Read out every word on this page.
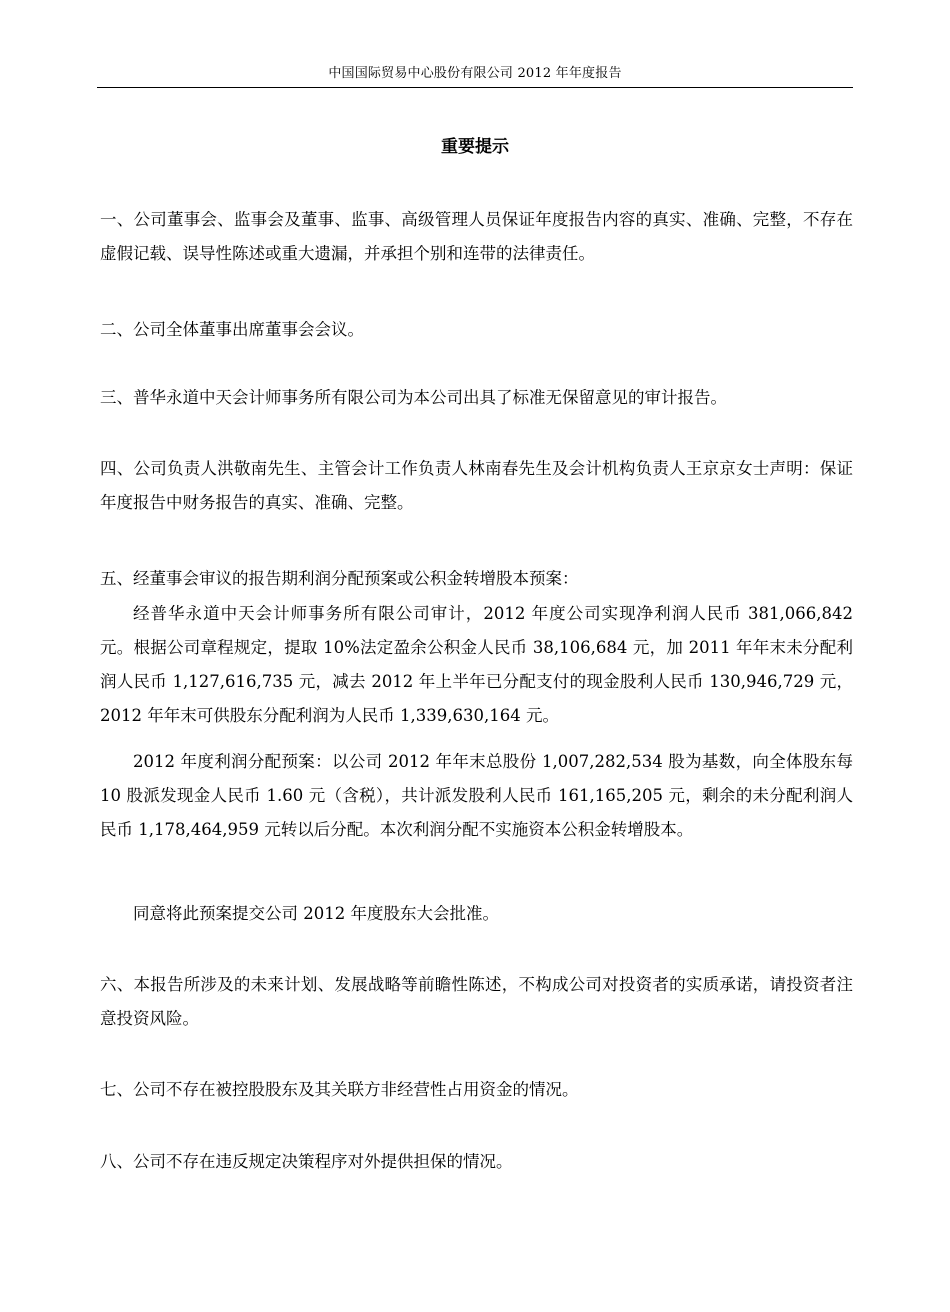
中国国际贸易中心股份有限公司 2012 年年度报告
重要提示

一、公司董事会、监事会及董事、监事、高级管理人员保证年度报告内容的真实、准确、完整，不存在虚假记载、误导性陈述或重大遗漏，并承担个别和连带的法律责任。

二、公司全体董事出席董事会会议。

三、普华永道中天会计师事务所有限公司为本公司出具了标准无保留意见的审计报告。

四、公司负责人洪敬南先生、主管会计工作负责人林南春先生及会计机构负责人王京京女士声明：保证年度报告中财务报告的真实、准确、完整。

五、经董事会审议的报告期利润分配预案或公积金转增股本预案：

经普华永道中天会计师事务所有限公司审计，2012 年度公司实现净利润人民币 381,066,842 元。根据公司章程规定，提取 10%法定盈余公积金人民币 38,106,684 元，加 2011 年年末未分配利润人民币 1,127,616,735 元，减去 2012 年上半年已分配支付的现金股利人民币 130,946,729 元，2012 年年末可供股东分配利润为人民币 1,339,630,164 元。

2012 年度利润分配预案：以公司 2012 年年末总股份 1,007,282,534 股为基数，向全体股东每 10 股派发现金人民币 1.60 元（含税），共计派发股利人民币 161,165,205 元，剩余的未分配利润人民币 1,178,464,959 元转以后分配。本次利润分配不实施资本公积金转增股本。

同意将此预案提交公司 2012 年度股东大会批准。

六、本报告所涉及的未来计划、发展战略等前瞻性陈述，不构成公司对投资者的实质承诺，请投资者注意投资风险。

七、公司不存在被控股股东及其关联方非经营性占用资金的情况。

八、公司不存在违反规定决策程序对外提供担保的情况。
